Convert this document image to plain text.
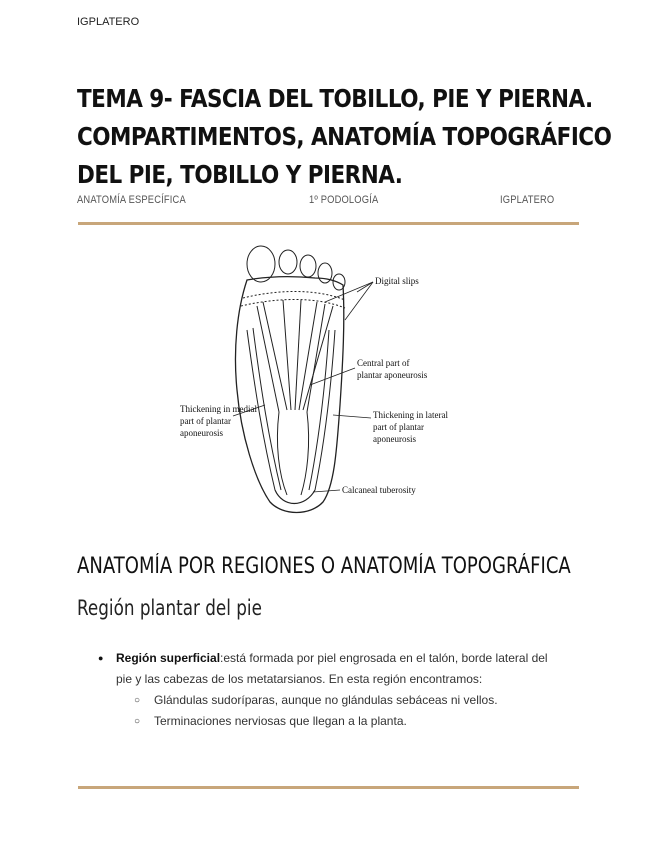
IGPLATERO
TEMA 9- FASCIA DEL TOBILLO, PIE Y PIERNA.
COMPARTIMENTOS, ANATOMÍA TOPOGRÁFICO
DEL PIE, TOBILLO Y PIERNA.
ANATOMÍA ESPECÍFICA	1º PODOLOGÍA	IGPLATERO
Digital slips
Central part of
plantar aponeurosis
Thickening in medial
part of plantar
aponeurosis
Thickening in lateral
part of plantar
aponeurosis
Calcaneal tuberosity
ANATOMÍA POR REGIONES O ANATOMÍA TOPOGRÁFICA
Región plantar del pie
● Región superficial:está formada por piel engrosada en el talón, borde lateral del
pie y las cabezas de los metatarsianos. En esta región encontramos:
○ Glándulas sudoríparas, aunque no glándulas sebáceas ni vellos.
○ Terminaciones nerviosas que llegan a la planta.
